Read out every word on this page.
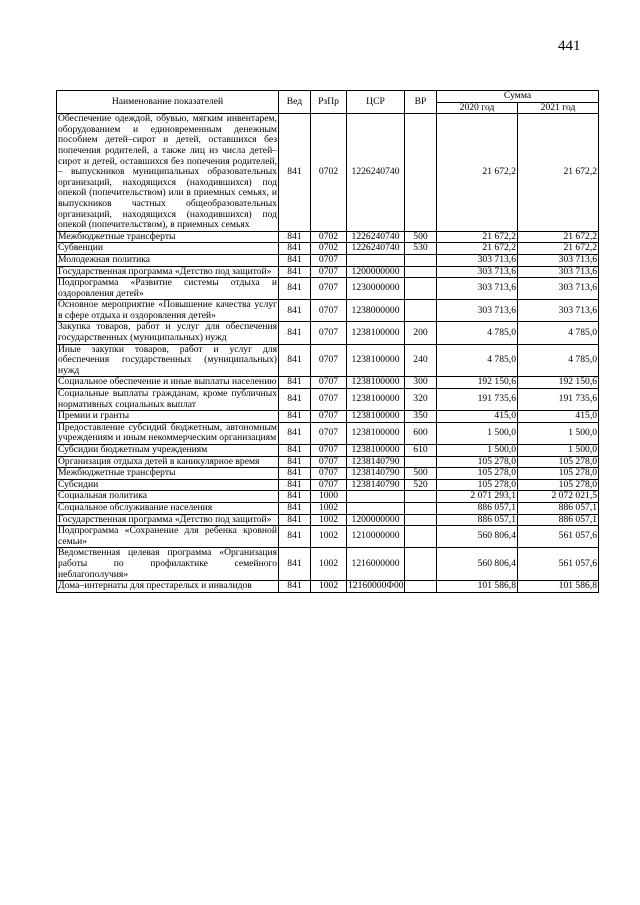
441
Наименование показателей	Вед	РзПр	ЦСР	ВР	Сумма	
					2020 год	2021 год
Обеспечение одеждой, обувью, мягким инвентарем, оборудованием и единовременным денежным пособием детей–сирот и детей, оставшихся без попечения родителей, а также лиц из числа детей–сирот и детей, оставшихся без попечения родителей, – выпускников муниципальных образовательных организаций, находящихся (находившихся) под опекой (попечительством) или в приемных семьях, и выпускников частных общеобразовательных организаций, находящихся (находившихся) под опекой (попечительством), в приемных семьях	841	0702	1226240740		21 672,2	21 672,2
Межбюджетные трансферты	841	0702	1226240740	500	21 672,2	21 672,2
Субвенции	841	0702	1226240740	530	21 672,2	21 672,2
Молодежная политика	841	0707			303 713,6	303 713,6
Государственная программа «Детство под защитой»	841	0707	1200000000		303 713,6	303 713,6
Подпрограмма «Развитие системы отдыха и оздоровления детей»	841	0707	1230000000		303 713,6	303 713,6
Основное мероприятие «Повышение качества услуг в сфере отдыха и оздоровления детей»	841	0707	1238000000		303 713,6	303 713,6
Закупка товаров, работ и услуг для обеспечения государственных (муниципальных) нужд	841	0707	1238100000	200	4 785,0	4 785,0
Иные закупки товаров, работ и услуг для обеспечения государственных (муниципальных) нужд	841	0707	1238100000	240	4 785,0	4 785,0
Социальное обеспечение и иные выплаты населению	841	0707	1238100000	300	192 150,6	192 150,6
Социальные выплаты гражданам, кроме публичных нормативных социальных выплат	841	0707	1238100000	320	191 735,6	191 735,6
Премии и гранты	841	0707	1238100000	350	415,0	415,0
Предоставление субсидий бюджетным, автономным учреждениям и иным некоммерческим организациям	841	0707	1238100000	600	1 500,0	1 500,0
Субсидии бюджетным учреждениям	841	0707	1238100000	610	1 500,0	1 500,0
Организация отдыха детей в каникулярное время	841	0707	1238140790		105 278,0	105 278,0
Межбюджетные трансферты	841	0707	1238140790	500	105 278,0	105 278,0
Субсидии	841	0707	1238140790	520	105 278,0	105 278,0
Социальная политика	841	1000			2 071 293,1	2 072 021,5
Социальное обслуживание населения	841	1002			886 057,1	886 057,1
Государственная программа «Детство под защитой»	841	1002	1200000000		886 057,1	886 057,1
Подпрограмма «Сохранение для ребенка кровной семьи»	841	1002	1210000000		560 806,4	561 057,6
Ведомственная целевая программа «Организация работы по профилактике семейного неблагополучия»	841	1002	1216000000		560 806,4	561 057,6
Дома–интернаты для престарелых и инвалидов	841	1002	12160000Ф00		101 586,8	101 586,8
